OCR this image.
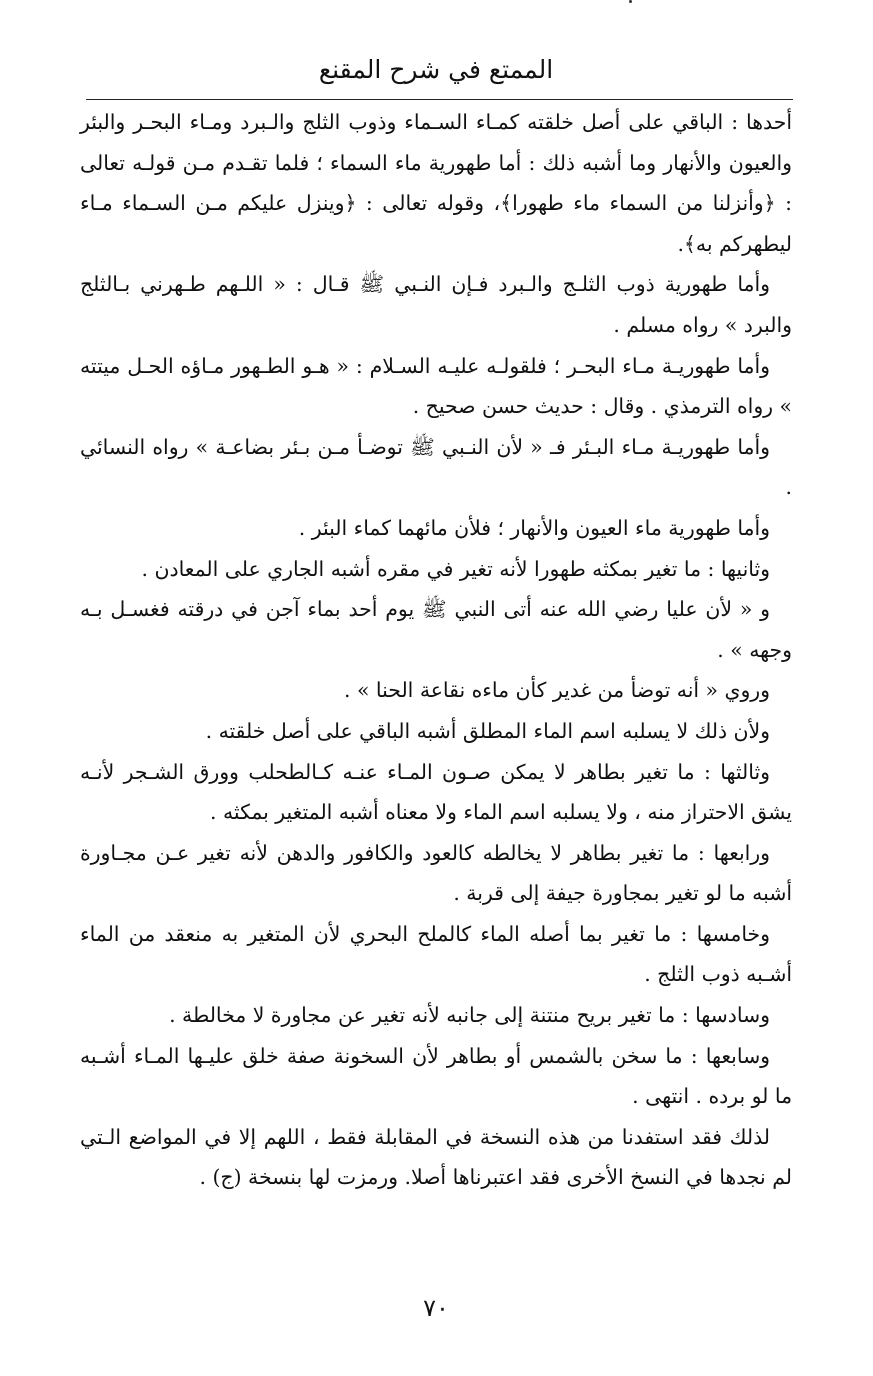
الممتع في شرح المقنع

أحدها : الباقي على أصل خلقته كمـاء السـماء وذوب الثلج والـبرد ومـاء البحـر والبئر والعيون والأنهار وما أشبه ذلك : أما طهورية ماء السماء ؛ فلما تقـدم مـن قولـه تعالى : ﴿وأنزلنا من السماء ماء طهورا﴾، وقوله تعالى : ﴿وينزل عليكم مـن السـماء مـاء ليطهركم به﴾.

وأما طهورية ذوب الثلـج والـبرد فـإن النـبي ﷺ قـال : « اللـهم طـهرني بـالثلج والبرد » رواه مسلم .

وأما طهوريـة مـاء البحـر ؛ فلقولـه عليـه السـلام : « هـو الطـهور مـاؤه الحـل ميتته » رواه الترمذي . وقال : حديث حسن صحيح .

وأما طهوريـة مـاء البـئر فـ « لأن النـبي ﷺ توضـأ مـن بـئر بضاعـة » رواه النسائي .

وأما طهورية ماء العيون والأنهار ؛ فلأن مائهما كماء البئر .

وثانيها : ما تغير بمكثه طهورا لأنه تغير في مقره أشبه الجاري على المعادن .

و « لأن عليا رضي الله عنه أتى النبي ﷺ يوم أحد بماء آجن في درقته فغسـل بـه وجهه » .

وروي « أنه توضأ من غدير كأن ماءه نقاعة الحنا » .

ولأن ذلك لا يسلبه اسم الماء المطلق أشبه الباقي على أصل خلقته .

وثالثها : ما تغير بطاهر لا يمكن صـون المـاء عنـه كـالطحلب وورق الشـجر لأنـه يشق الاحتراز منه ، ولا يسلبه اسم الماء ولا معناه أشبه المتغير بمكثه .

ورابعها : ما تغير بطاهر لا يخالطه كالعود والكافور والدهن لأنه تغير عـن مجـاورة أشبه ما لو تغير بمجاورة جيفة إلى قربة .

وخامسها : ما تغير بما أصله الماء كالملح البحري لأن المتغير به منعقد من الماء أشـبه ذوب الثلج .

وسادسها : ما تغير بريح منتنة إلى جانبه لأنه تغير عن مجاورة لا مخالطة .

وسابعها : ما سخن بالشمس أو بطاهر لأن السخونة صفة خلق عليـها المـاء أشـبه ما لو برده . انتهى .

لذلك فقد استفدنا من هذه النسخة في المقابلة فقط ، اللهم إلا في المواضع الـتي لم نجدها في النسخ الأخرى فقد اعتبرناها أصلا. ورمزت لها بنسخة (ج) .

٧٠
